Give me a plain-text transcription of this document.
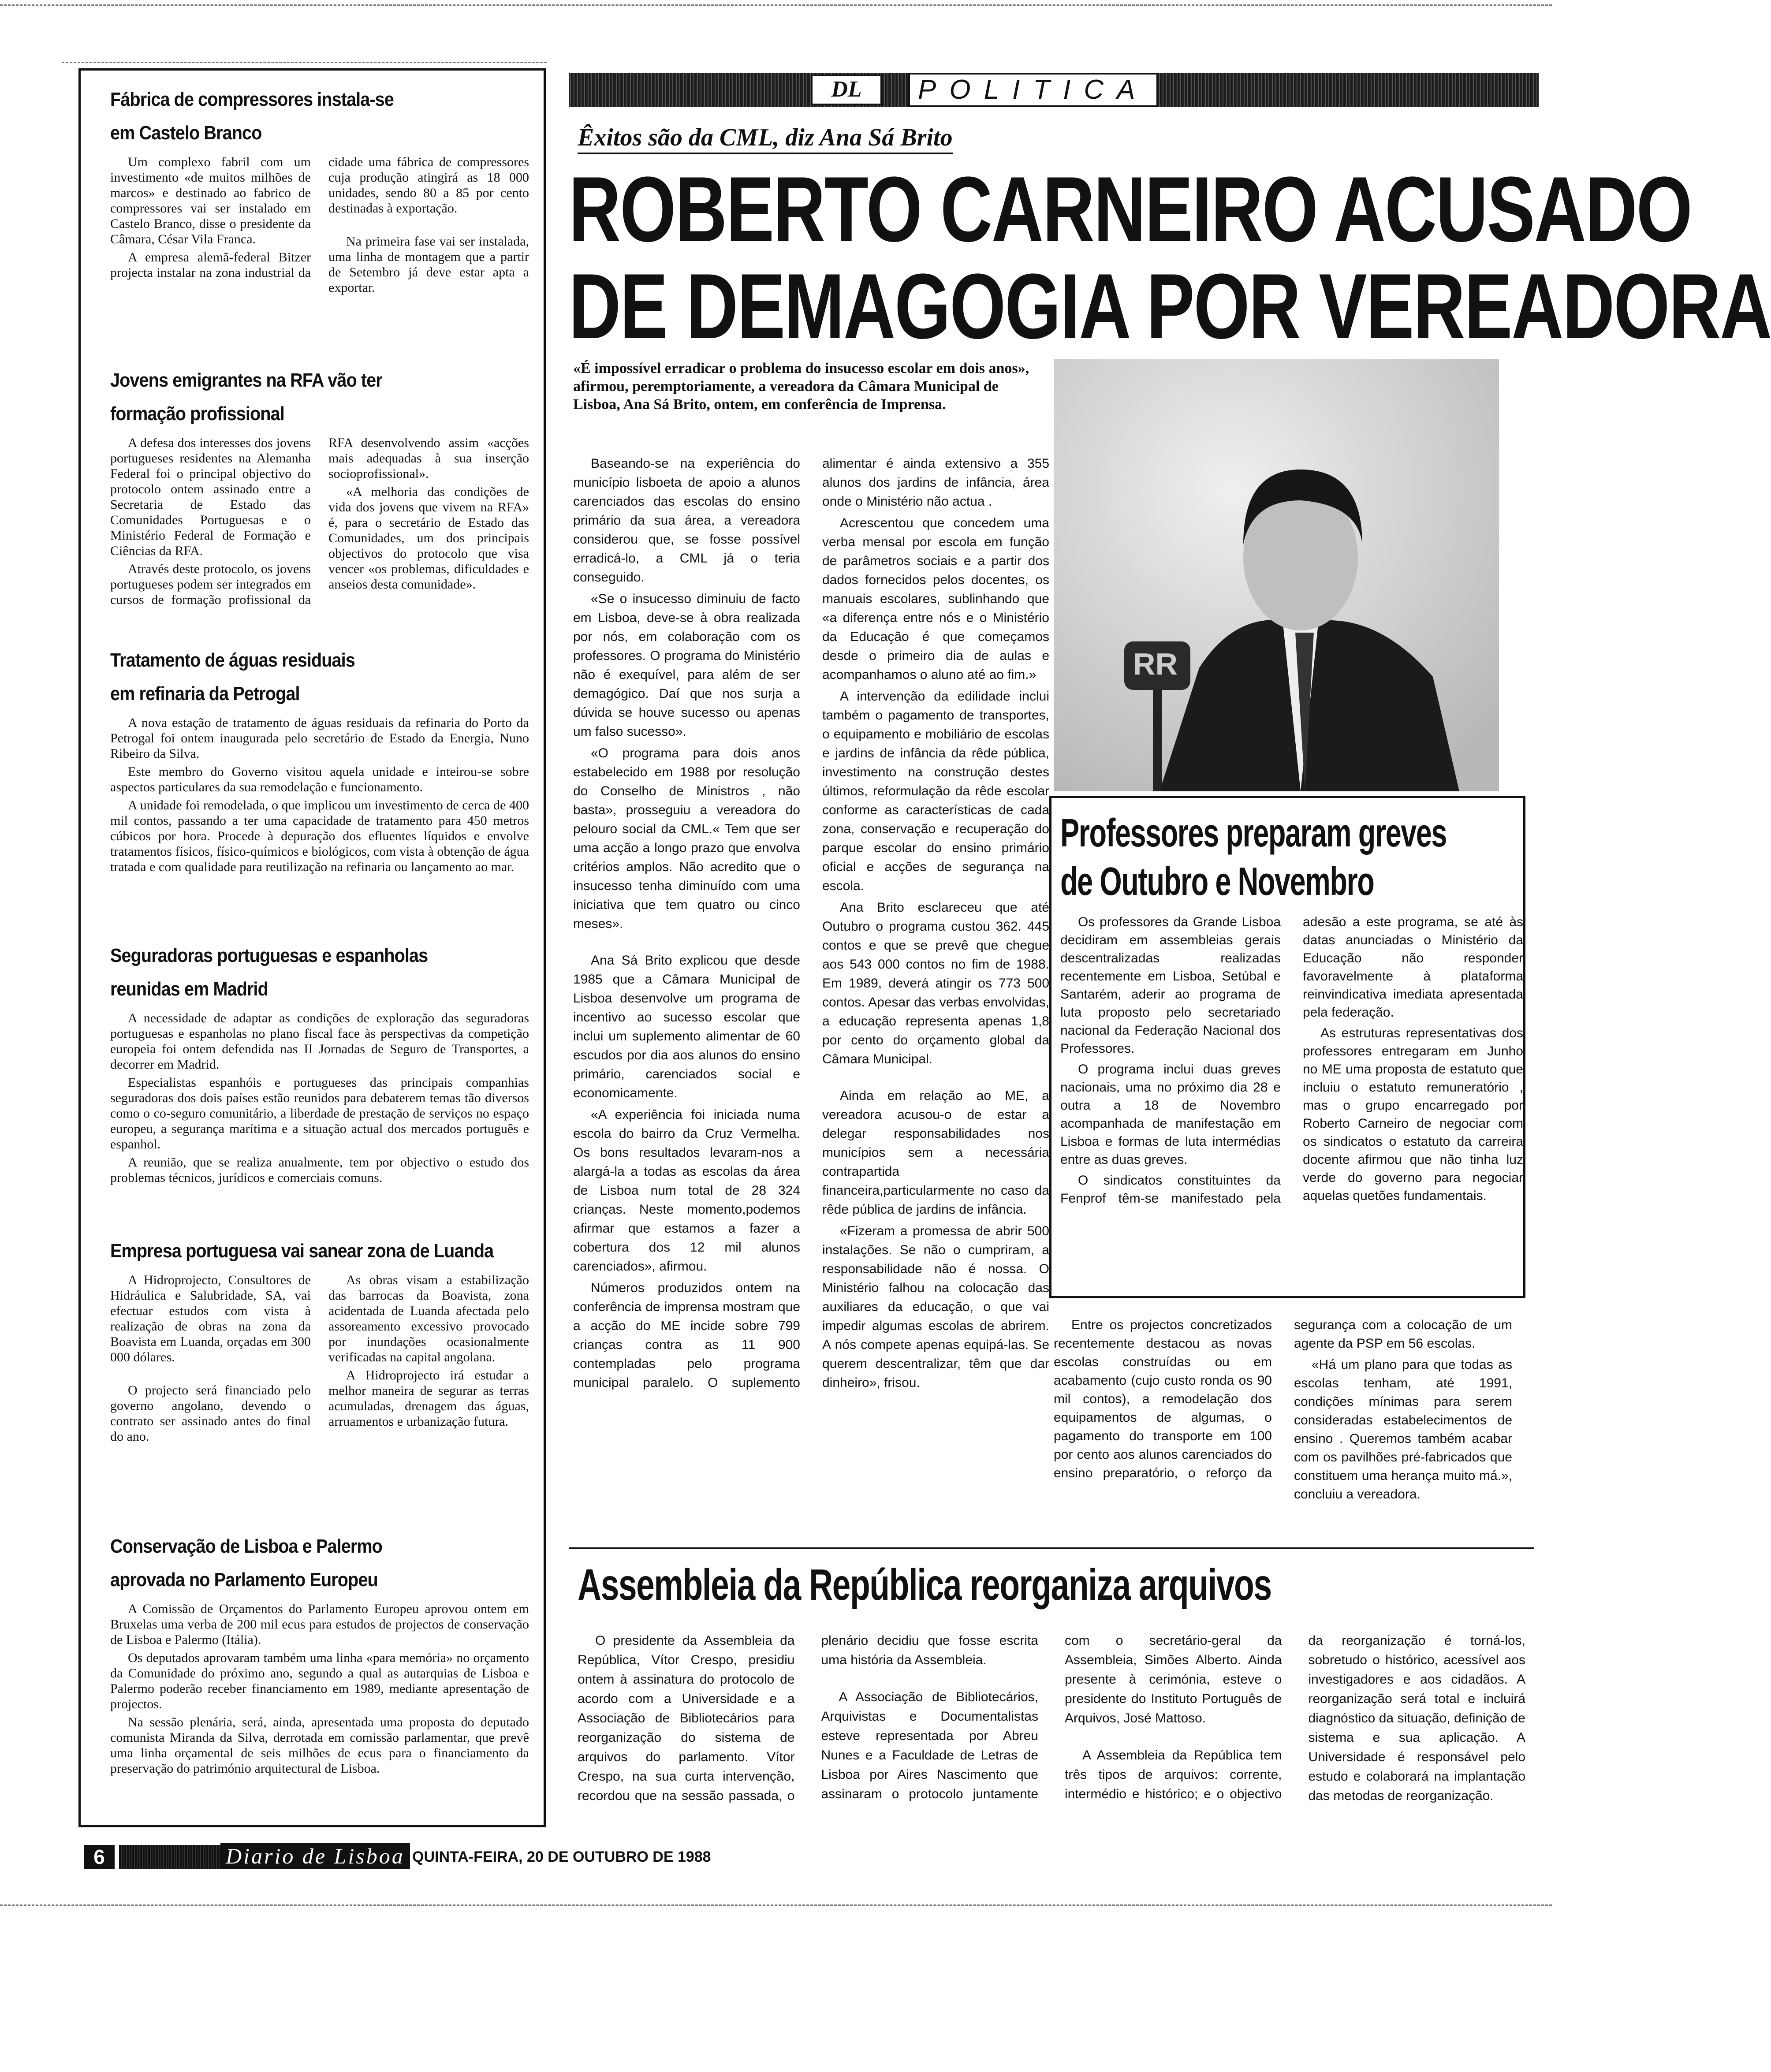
Fábrica de compressores instala-se
em Castelo Branco

Um complexo fabril com um investimento «de muitos milhões de marcos» e destinado ao fabrico de compressores vai ser instalado em Castelo Branco, disse o presidente da Câmara, César Vila Franca.

A empresa alemã-federal Bitzer projecta instalar na zona industrial da cidade uma fábrica de compressores cuja produção atingirá as 18 000 unidades, sendo 80 a 85 por cento destinadas à exportação.

Na primeira fase vai ser instalada, uma linha de montagem que a partir de Setembro já deve estar apta a exportar.

Jovens emigrantes na RFA vão ter
formação profissional

A defesa dos interesses dos jovens portugueses residentes na Alemanha Federal foi o principal objectivo do protocolo ontem assinado entre a Secretaria de Estado das Comunidades Portuguesas e o Ministério Federal de Formação e Ciências da RFA.

Através deste protocolo, os jovens portugueses podem ser integrados em cursos de formação profissional da RFA desenvolvendo assim «acções mais adequadas à sua inserção socioprofissional».

«A melhoria das condições de vida dos jovens que vivem na RFA» é, para o secretário de Estado das Comunidades, um dos principais objectivos do protocolo que visa vencer «os problemas, dificuldades e anseios desta comunidade».

Tratamento de águas residuais
em refinaria da Petrogal

A nova estação de tratamento de águas residuais da refinaria do Porto da Petrogal foi ontem inaugurada pelo secretário de Estado da Energia, Nuno Ribeiro da Silva.

Este membro do Governo visitou aquela unidade e inteirou-se sobre aspectos particulares da sua remodelação e funcionamento.

A unidade foi remodelada, o que implicou um investimento de cerca de 400 mil contos, passando a ter uma capacidade de tratamento para 450 metros cúbicos por hora. Procede à depuração dos efluentes líquidos e envolve tratamentos físicos, físico-químicos e biológicos, com vista à obtenção de água tratada e com qualidade para reutilização na refinaria ou lançamento ao mar.

Seguradoras portuguesas e espanholas
reunidas em Madrid

A necessidade de adaptar as condições de exploração das seguradoras portuguesas e espanholas no plano fiscal face às perspectivas da competição europeia foi ontem defendida nas II Jornadas de Seguro de Transportes, a decorrer em Madrid.

Especialistas espanhóis e portugueses das principais companhias seguradoras dos dois países estão reunidos para debaterem temas tão diversos como o co-seguro comunitário, a liberdade de prestação de serviços no espaço europeu, a segurança marítima e a situação actual dos mercados português e espanhol.

A reunião, que se realiza anualmente, tem por objectivo o estudo dos problemas técnicos, jurídicos e comerciais comuns.

Empresa portuguesa vai sanear zona de Luanda

A Hidroprojecto, Consultores de Hidráulica e Salubridade, SA, vai efectuar estudos com vista à realização de obras na zona da Boavista em Luanda, orçadas em 300 000 dólares.

O projecto será financiado pelo governo angolano, devendo o contrato ser assinado antes do final do ano.

As obras visam a estabilização das barrocas da Boavista, zona acidentada de Luanda afectada pelo assoreamento excessivo provocado por inundações ocasionalmente verificadas na capital angolana.

A Hidroprojecto irá estudar a melhor maneira de segurar as terras acumuladas, drenagem das águas, arruamentos e urbanização futura.

Conservação de Lisboa e Palermo
aprovada no Parlamento Europeu

A Comissão de Orçamentos do Parlamento Europeu aprovou ontem em Bruxelas uma verba de 200 mil ecus para estudos de projectos de conservação de Lisboa e Palermo (Itália).

Os deputados aprovaram também uma linha «para memória» no orçamento da Comunidade do próximo ano, segundo a qual as autarquias de Lisboa e Palermo poderão receber financiamento em 1989, mediante apresentação de projectos.

Na sessão plenária, será, ainda, apresentada uma proposta do deputado comunista Miranda da Silva, derrotada em comissão parlamentar, que prevê uma linha orçamental de seis milhões de ecus para o financiamento da preservação do património arquitectural de Lisboa.

DL	POLITICA
Êxitos são da CML, diz Ana Sá Brito
ROBERTO CARNEIRO ACUSADO
DE DEMAGOGIA POR VEREADORA
«É impossível erradicar o problema do insucesso escolar em dois anos», afirmou, peremptoriamente, a vereadora da Câmara Municipal de Lisboa, Ana Sá Brito, ontem, em conferência de Imprensa.
RR

Baseando-se na experiência do município lisboeta de apoio a alunos carenciados das escolas do ensino primário da sua área, a vereadora considerou que, se fosse possível erradicá-lo, a CML já o teria conseguido.

«Se o insucesso diminuiu de facto em Lisboa, deve-se à obra realizada por nós, em colaboração com os professores. O programa do Ministério não é exequível, para além de ser demagógico. Daí que nos surja a dúvida se houve sucesso ou apenas um falso sucesso».

«O programa para dois anos estabelecido em 1988 por resolução do Conselho de Ministros , não basta», prosseguiu a vereadora do pelouro social da CML.« Tem que ser uma acção a longo prazo que envolva critérios amplos. Não acredito que o insucesso tenha diminuído com uma iniciativa que tem quatro ou cinco meses».

Ana Sá Brito explicou que desde 1985 que a Câmara Municipal de Lisboa desenvolve um programa de incentivo ao sucesso escolar que inclui um suplemento alimentar de 60 escudos por dia aos alunos do ensino primário, carenciados social e economicamente.

«A experiência foi iniciada numa escola do bairro da Cruz Vermelha. Os bons resultados levaram-nos a alargá-la a todas as escolas da área de Lisboa num total de 28 324 crianças. Neste momento,podemos afirmar que estamos a fazer a cobertura dos 12 mil alunos carenciados», afirmou.

Números produzidos ontem na conferência de imprensa mostram que a acção do ME incide sobre 799 crianças contra as 11 900 contempladas pelo programa municipal paralelo. O suplemento alimentar é ainda extensivo a 355 alunos dos jardins de infância, área onde o Ministério não actua .

Acrescentou que concedem uma verba mensal por escola em função de parâmetros sociais e a partir dos dados fornecidos pelos docentes, os manuais escolares, sublinhando que «a diferença entre nós e o Ministério da Educação é que começamos desde o primeiro dia de aulas e acompanhamos o aluno até ao fim.»

A intervenção da edilidade inclui também o pagamento de transportes, o equipamento e mobiliário de escolas e jardins de infância da rêde pública, investimento na construção destes últimos, reformulação da rêde escolar conforme as características de cada zona, conservação e recuperação do parque escolar do ensino primário oficial e acções de segurança na escola.

Ana Brito esclareceu que até Outubro o programa custou 362. 445 contos e que se prevê que chegue aos 543 000 contos no fim de 1988. Em 1989, deverá atingir os 773 500 contos. Apesar das verbas envolvidas, a educação representa apenas 1,8 por cento do orçamento global da Câmara Municipal.

Ainda em relação ao ME, a vereadora acusou-o de estar a delegar responsabilidades nos municípios sem a necessária contrapartida financeira,particularmente no caso da rêde pública de jardins de infância.

«Fizeram a promessa de abrir 500 instalações. Se não o cumpriram, a responsabilidade não é nossa. O Ministério falhou na colocação das auxiliares da educação, o que vai impedir algumas escolas de abrirem. A nós compete apenas equipá-las. Se querem descentralizar, têm que dar dinheiro», frisou.

Entre os projectos concretizados recentemente destacou as novas escolas construídas ou em acabamento (cujo custo ronda os 90 mil contos), a remodelação dos equipamentos de algumas, o pagamento do transporte em 100 por cento aos alunos carenciados do ensino preparatório, o reforço da segurança com a colocação de um agente da PSP em 56 escolas.

«Há um plano para que todas as escolas tenham, até 1991, condições mínimas para serem consideradas estabelecimentos de ensino . Queremos também acabar com os pavilhões pré-fabricados que constituem uma herança muito má.», concluiu a vereadora.

Professores preparam greves
de Outubro e Novembro

Os professores da Grande Lisboa decidiram em assembleias gerais descentralizadas realizadas recentemente em Lisboa, Setúbal e Santarém, aderir ao programa de luta proposto pelo secretariado nacional da Federação Nacional dos Professores.

O programa inclui duas greves nacionais, uma no próximo dia 28 e outra a 18 de Novembro acompanhada de manifestação em Lisboa e formas de luta intermédias entre as duas greves.

O sindicatos constituintes da Fenprof têm-se manifestado pela adesão a este programa, se até às datas anunciadas o Ministério da Educação não responder favoravelmente à plataforma reinvindicativa imediata apresentada pela federação.

As estruturas representativas dos professores entregaram em Junho no ME uma proposta de estatuto que incluiu o estatuto remuneratório , mas o grupo encarregado por Roberto Carneiro de negociar com os sindicatos o estatuto da carreira docente afirmou que não tinha luz verde do governo para negociar aquelas quetões fundamentais.

Assembleia da República reorganiza arquivos

O presidente da Assembleia da República, Vítor Crespo, presidiu ontem à assinatura do protocolo de acordo com a Universidade e a Associação de Bibliotecários para reorganização do sistema de arquivos do parlamento. Vítor Crespo, na sua curta intervenção, recordou que na sessão passada, o plenário decidiu que fosse escrita uma história da Assembleia.

A Associação de Bibliotecários, Arquivistas e Documentalistas esteve representada por Abreu Nunes e a Faculdade de Letras de Lisboa por Aires Nascimento que assinaram o protocolo juntamente com o secretário-geral da Assembleia, Simões Alberto. Ainda presente à cerimónia, esteve o presidente do Instituto Português de Arquivos, José Mattoso.

A Assembleia da República tem três tipos de arquivos: corrente, intermédio e histórico; e o objectivo da reorganização é torná-los, sobretudo o histórico, acessível aos investigadores e aos cidadãos. A reorganização será total e incluirá diagnóstico da situação, definição de sistema e sua aplicação. A Universidade é responsável pelo estudo e colaborará na implantação das metodas de reorganização.

6	Diario de Lisboa QUINTA-FEIRA, 20 DE OUTUBRO DE 1988
